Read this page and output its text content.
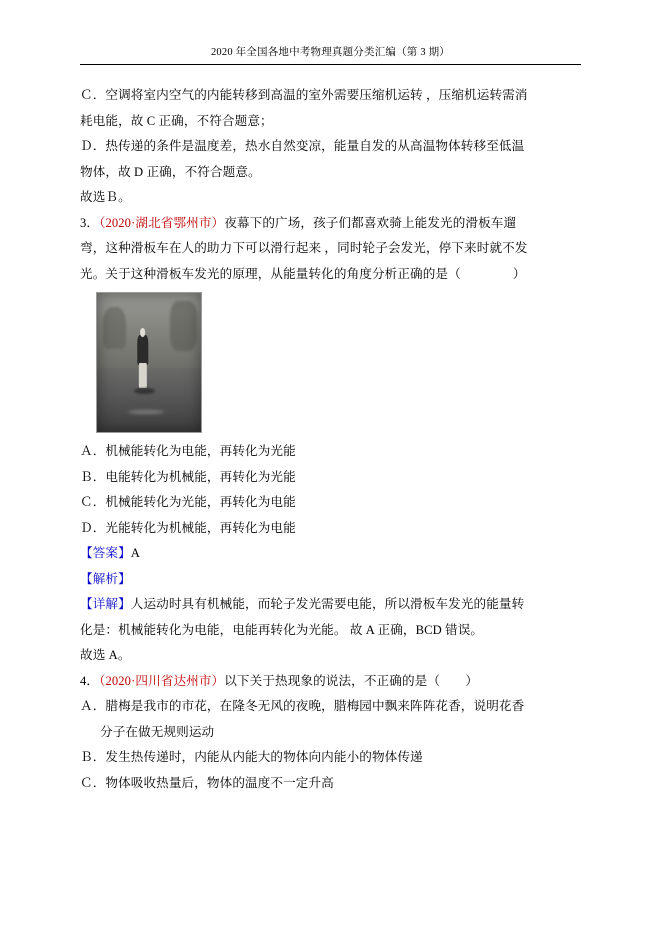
2020 年全国各地中考物理真题分类汇编（第 3 期）

Ｃ．空调将室内空气的内能转移到高温的室外需要压缩机运转 ，压缩机运转需消

耗电能，故 C 正确，不符合题意；

Ｄ．热传递的条件是温度差，热水自然变凉，能量自发的从高温物体转移至低温

物体，故 D 正确，不符合题意。

故选Ｂ。

3．（2020·湖北省鄂州市）夜幕下的广场，孩子们都喜欢骑上能发光的滑板车遛

弯，这种滑板车在人的助力下可以滑行起来 ，同时轮子会发光，停下来时就不发

光。关于这种滑板车发光的原理，从能量转化的角度分析正确的是（	）

Ａ．机械能转化为电能，再转化为光能

Ｂ．电能转化为机械能，再转化为光能

Ｃ．机械能转化为光能，再转化为电能

Ｄ．光能转化为机械能，再转化为电能

【答案】A

【解析】

【详解】人运动时具有机械能，而轮子发光需要电能，所以滑板车发光的能量转

化是：机械能转化为电能，电能再转化为光能。 故 A 正确，BCD 错误。

故选 A。

4．（2020·四川省达州市）以下关于热现象的说法，不正确的是（　　）

Ａ．腊梅是我市的市花，在隆冬无风的夜晚，腊梅园中飘来阵阵花香，说明花香

分子在做无规则运动

Ｂ．发生热传递时，内能从内能大的物体向内能小的物体传递

Ｃ．物体吸收热量后，物体的温度不一定升高
